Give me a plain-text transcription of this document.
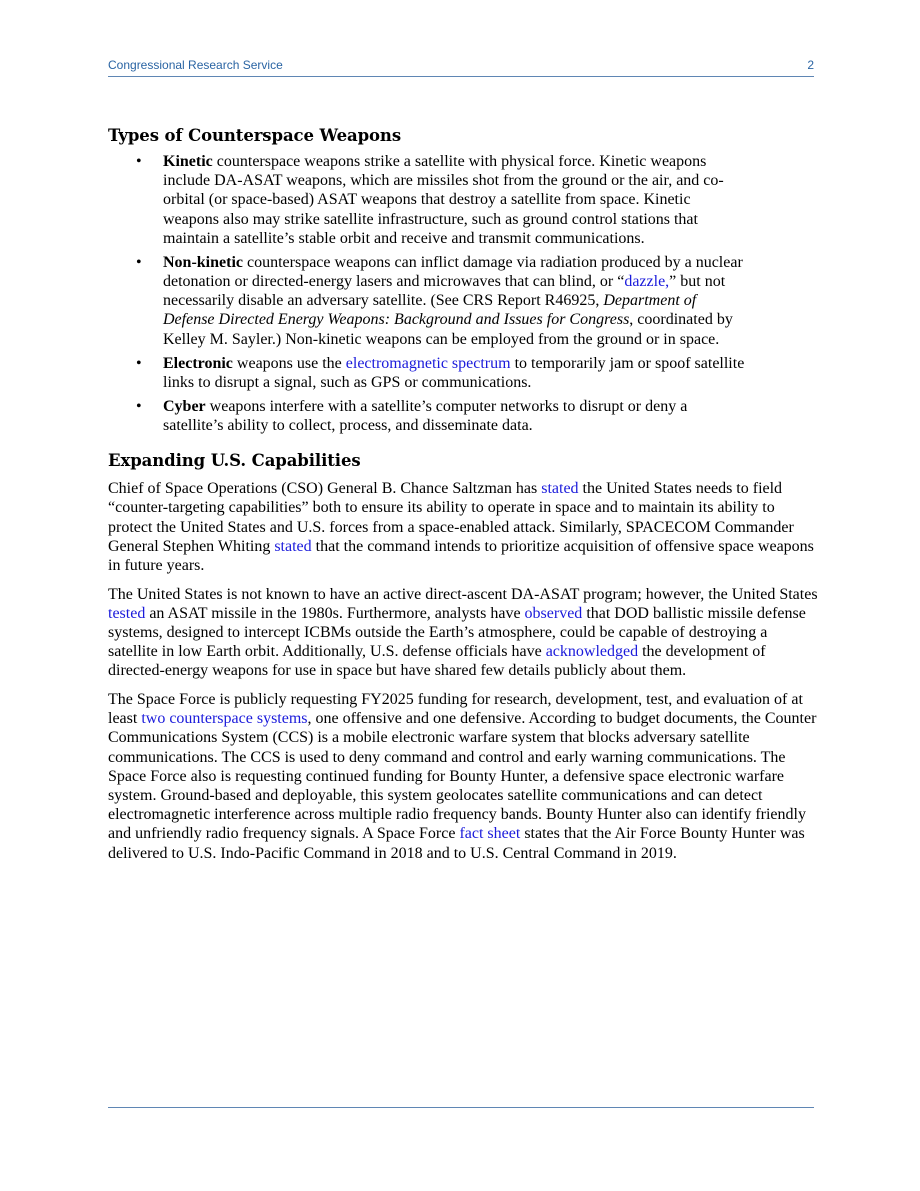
Congressional Research Service	2
Types of Counterspace Weapons
• Kinetic counterspace weapons strike a satellite with physical force. Kinetic weapons include DA-ASAT weapons, which are missiles shot from the ground or the air, and co-orbital (or space-based) ASAT weapons that destroy a satellite from space. Kinetic weapons also may strike satellite infrastructure, such as ground control stations that maintain a satellite’s stable orbit and receive and transmit communications.
• Non-kinetic counterspace weapons can inflict damage via radiation produced by a nuclear detonation or directed-energy lasers and microwaves that can blind, or “dazzle,” but not necessarily disable an adversary satellite. (See CRS Report R46925, Department of Defense Directed Energy Weapons: Background and Issues for Congress, coordinated by Kelley M. Sayler.) Non-kinetic weapons can be employed from the ground or in space.
• Electronic weapons use the electromagnetic spectrum to temporarily jam or spoof satellite links to disrupt a signal, such as GPS or communications.
• Cyber weapons interfere with a satellite’s computer networks to disrupt or deny a satellite’s ability to collect, process, and disseminate data.
Expanding U.S. Capabilities

Chief of Space Operations (CSO) General B. Chance Saltzman has stated the United States needs to field “counter-targeting capabilities” both to ensure its ability to operate in space and to maintain its ability to protect the United States and U.S. forces from a space-enabled attack. Similarly, SPACECOM Commander General Stephen Whiting stated that the command intends to prioritize acquisition of offensive space weapons in future years.

The United States is not known to have an active direct-ascent DA-ASAT program; however, the United States tested an ASAT missile in the 1980s. Furthermore, analysts have observed that DOD ballistic missile defense systems, designed to intercept ICBMs outside the Earth’s atmosphere, could be capable of destroying a satellite in low Earth orbit. Additionally, U.S. defense officials have acknowledged the development of directed-energy weapons for use in space but have shared few details publicly about them.

The Space Force is publicly requesting FY2025 funding for research, development, test, and evaluation of at least two counterspace systems, one offensive and one defensive. According to budget documents, the Counter Communications System (CCS) is a mobile electronic warfare system that blocks adversary satellite communications. The CCS is used to deny command and control and early warning communications. The Space Force also is requesting continued funding for Bounty Hunter, a defensive space electronic warfare system. Ground-based and deployable, this system geolocates satellite communications and can detect electromagnetic interference across multiple radio frequency bands. Bounty Hunter also can identify friendly and unfriendly radio frequency signals. A Space Force fact sheet states that the Air Force Bounty Hunter was delivered to U.S. Indo-Pacific Command in 2018 and to U.S. Central Command in 2019.
